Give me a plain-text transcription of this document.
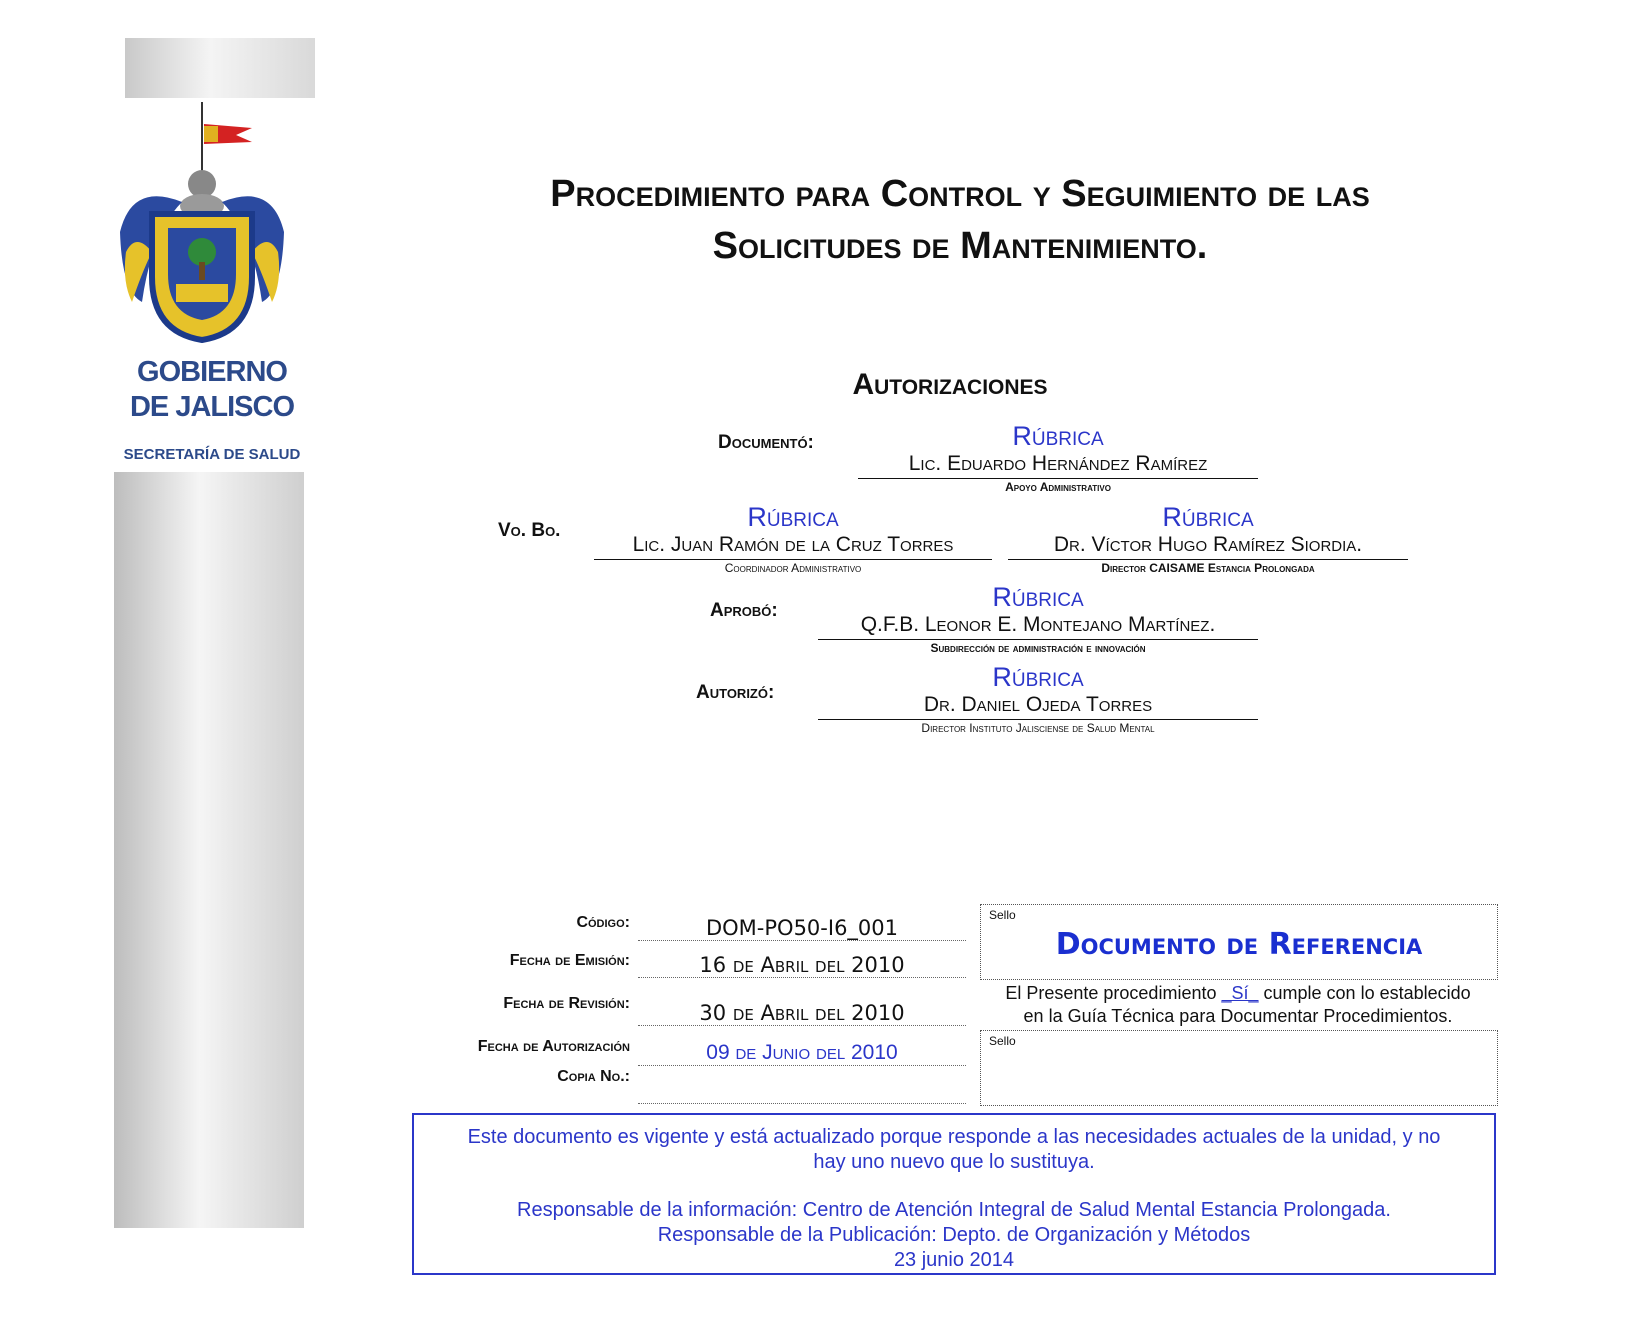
GOBIERNO
DE JALISCO
SECRETARÍA DE SALUD
Procedimiento para Control y Seguimiento de las
Solicitudes de Mantenimiento.
Autorizaciones
Documentó:	Rúbrica
Lic. Eduardo Hernández Ramírez
Apoyo Administrativo
Vo. Bo.	Rúbrica
Lic. Juan Ramón de la Cruz Torres
Coordinador Administrativo
Rúbrica
Dr. Víctor Hugo Ramírez Siordia.
Director CAISAME Estancia Prolongada
Aprobó:	Rúbrica
Q.F.B. Leonor E. Montejano Martínez.
Subdirección de administración e innovación
Autorizó:
Rúbrica
Dr. Daniel Ojeda Torres
Director Instituto Jalisciense de Salud Mental
Código:	DOM-PO50-I6_001
Fecha de Emisión:	16 de Abril del 2010
Fecha de Revisión:	30 de Abril del 2010
Fecha de Autorización	09 de Junio del 2010
Copia No.:
Sello
Documento de Referencia
El Presente procedimiento _Sí_ cumple con lo establecido
en la Guía Técnica para Documentar Procedimientos.
Sello
Este documento es vigente y está actualizado porque responde a las necesidades actuales de la unidad, y no
hay uno nuevo que lo sustituya.
Responsable de la información: Centro de Atención Integral de Salud Mental Estancia Prolongada.
Responsable de la Publicación: Depto. de Organización y Métodos
23 junio 2014
